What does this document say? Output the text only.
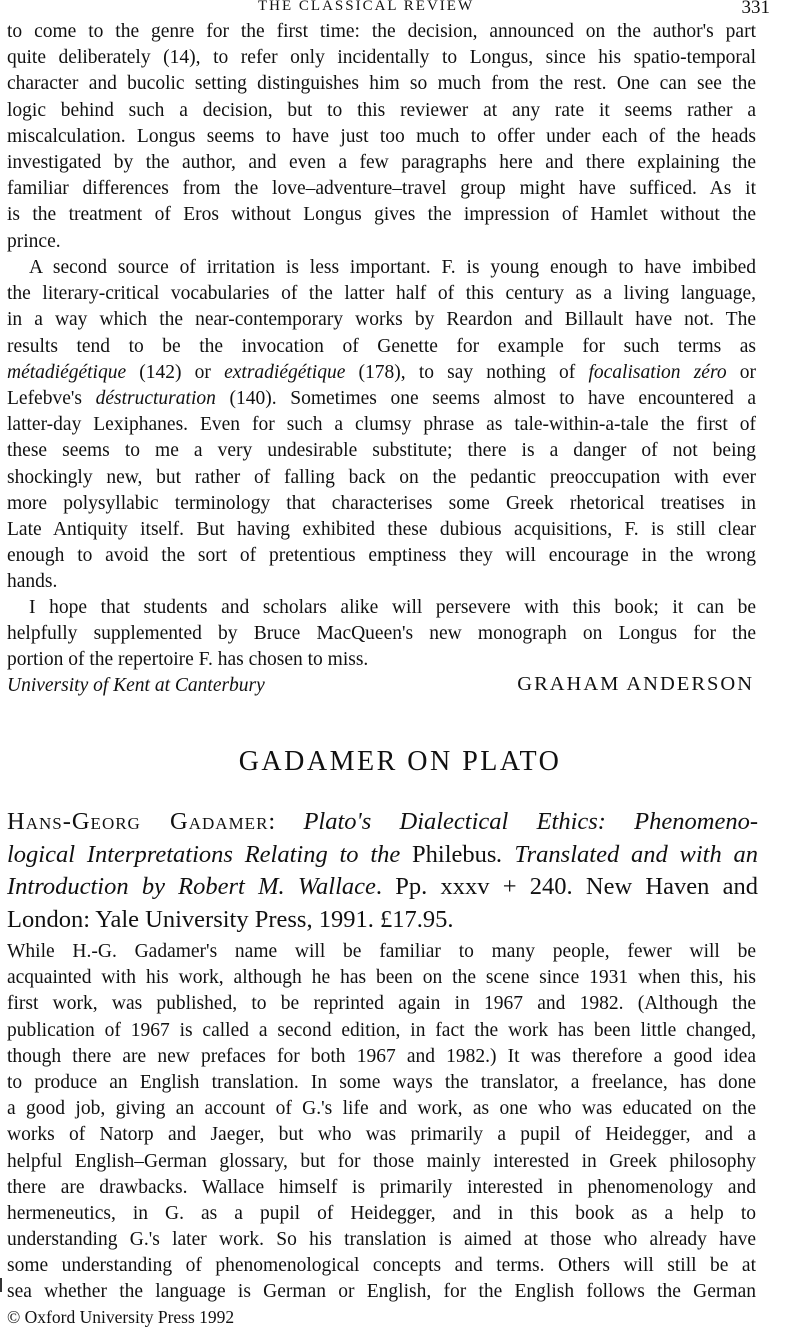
THE CLASSICAL REVIEW	331
to come to the genre for the first time: the decision, announced on the author's part
quite deliberately (14), to refer only incidentally to Longus, since his spatio-temporal
character and bucolic setting distinguishes him so much from the rest. One can see the
logic behind such a decision, but to this reviewer at any rate it seems rather a
miscalculation. Longus seems to have just too much to offer under each of the heads
investigated by the author, and even a few paragraphs here and there explaining the
familiar differences from the love–adventure–travel group might have sufficed. As it
is the treatment of Eros without Longus gives the impression of Hamlet without the
prince.
A second source of irritation is less important. F. is young enough to have imbibed
the literary-critical vocabularies of the latter half of this century as a living language,
in a way which the near-contemporary works by Reardon and Billault have not. The
results tend to be the invocation of Genette for example for such terms as
métadiégétique (142) or extradiégétique (178), to say nothing of focalisation zéro or
Lefebve's déstructuration (140). Sometimes one seems almost to have encountered a
latter-day Lexiphanes. Even for such a clumsy phrase as tale-within-a-tale the first of
these seems to me a very undesirable substitute; there is a danger of not being
shockingly new, but rather of falling back on the pedantic preoccupation with ever
more polysyllabic terminology that characterises some Greek rhetorical treatises in
Late Antiquity itself. But having exhibited these dubious acquisitions, F. is still clear
enough to avoid the sort of pretentious emptiness they will encourage in the wrong
hands.
I hope that students and scholars alike will persevere with this book; it can be
helpfully supplemented by Bruce MacQueen's new monograph on Longus for the
portion of the repertoire F. has chosen to miss.
University of Kent at Canterbury	GRAHAM ANDERSON
GADAMER ON PLATO
Hans-Georg Gadamer: Plato's Dialectical Ethics: Phenomeno-
logical Interpretations Relating to the Philebus. Translated and with an
Introduction by Robert M. Wallace. Pp. xxxv + 240. New Haven and
London: Yale University Press, 1991. £17.95.
While H.-G. Gadamer's name will be familiar to many people, fewer will be
acquainted with his work, although he has been on the scene since 1931 when this, his
first work, was published, to be reprinted again in 1967 and 1982. (Although the
publication of 1967 is called a second edition, in fact the work has been little changed,
though there are new prefaces for both 1967 and 1982.) It was therefore a good idea
to produce an English translation. In some ways the translator, a freelance, has done
a good job, giving an account of G.'s life and work, as one who was educated on the
works of Natorp and Jaeger, but who was primarily a pupil of Heidegger, and a
helpful English–German glossary, but for those mainly interested in Greek philosophy
there are drawbacks. Wallace himself is primarily interested in phenomenology and
hermeneutics, in G. as a pupil of Heidegger, and in this book as a help to
understanding G.'s later work. So his translation is aimed at those who already have
some understanding of phenomenological concepts and terms. Others will still be at
sea whether the language is German or English, for the English follows the German
© Oxford University Press 1992
